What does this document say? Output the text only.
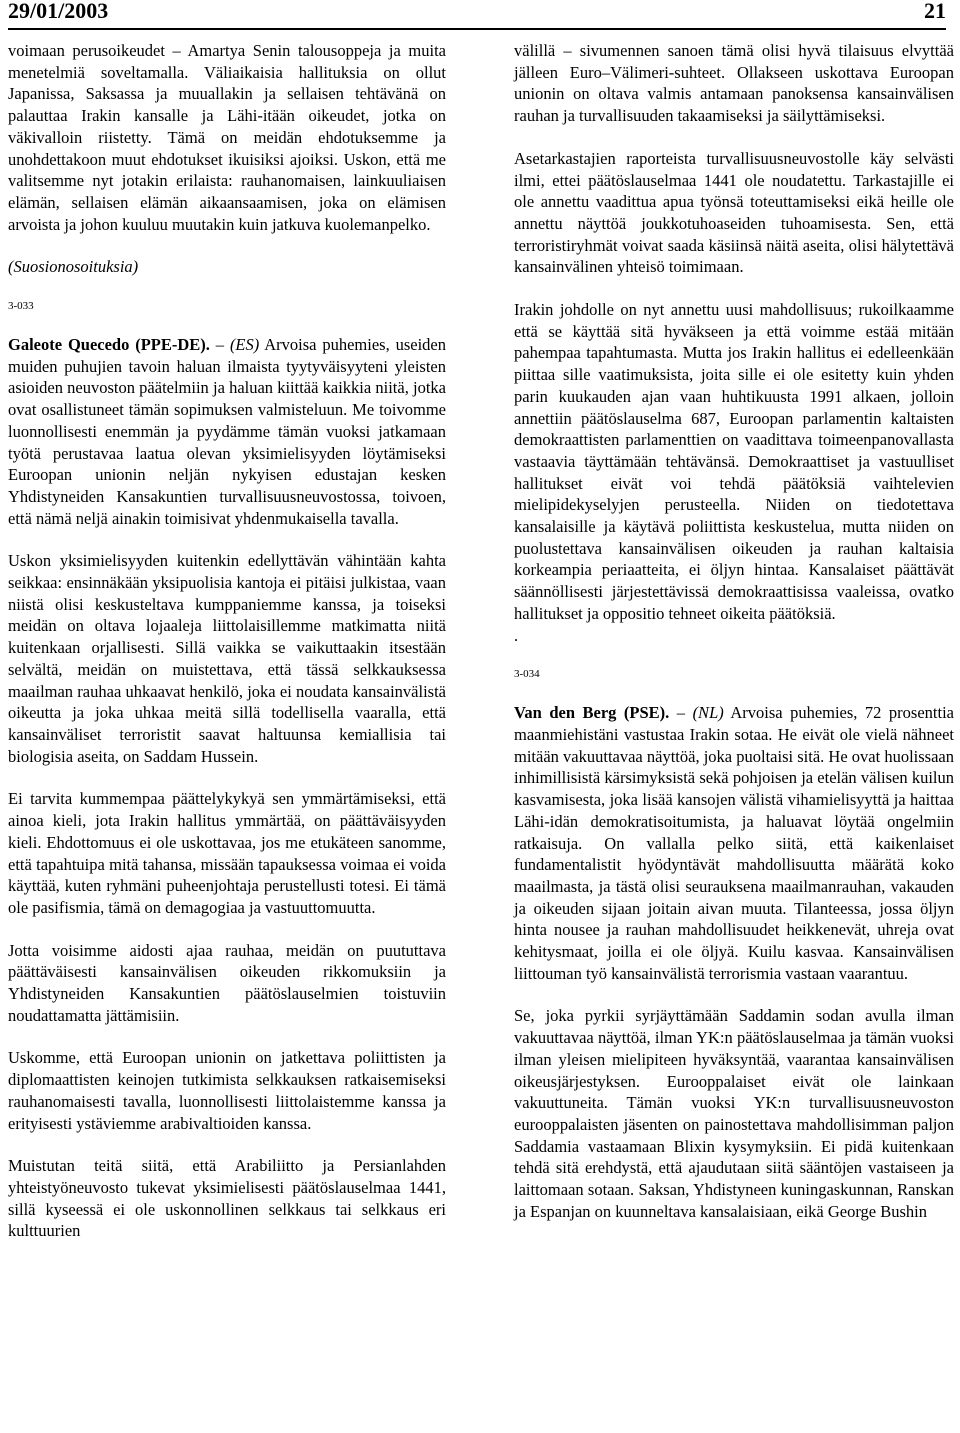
29/01/2003	21

voimaan perusoikeudet – Amartya Senin talousoppeja ja muita menetelmiä soveltamalla. Väliaikaisia hallituksia on ollut Japanissa, Saksassa ja muuallakin ja sellaisen tehtävänä on palauttaa Irakin kansalle ja Lähi-itään oikeudet, jotka on väkivalloin riistetty. Tämä on meidän ehdotuksemme ja unohdettakoon muut ehdotukset ikuisiksi ajoiksi. Uskon, että me valitsemme nyt jotakin erilaista: rauhanomaisen, lainkuuliaisen elämän, sellaisen elämän aikaansaamisen, joka on elämisen arvoista ja johon kuuluu muutakin kuin jatkuva kuolemanpelko.

(Suosionosoituksia)

3-033

Galeote Quecedo (PPE-DE). – (ES) Arvoisa puhemies, useiden muiden puhujien tavoin haluan ilmaista tyytyväisyyteni yleisten asioiden neuvoston päätelmiin ja haluan kiittää kaikkia niitä, jotka ovat osallistuneet tämän sopimuksen valmisteluun. Me toivomme luonnollisesti enemmän ja pyydämme tämän vuoksi jatkamaan työtä perustavaa laatua olevan yksimielisyyden löytämiseksi Euroopan unionin neljän nykyisen edustajan kesken Yhdistyneiden Kansakuntien turvallisuusneuvostossa, toivoen, että nämä neljä ainakin toimisivat yhdenmukaisella tavalla.

Uskon yksimielisyyden kuitenkin edellyttävän vähintään kahta seikkaa: ensinnäkään yksipuolisia kantoja ei pitäisi julkistaa, vaan niistä olisi keskusteltava kumppaniemme kanssa, ja toiseksi meidän on oltava lojaaleja liittolaisillemme matkimatta niitä kuitenkaan orjallisesti. Sillä vaikka se vaikuttaakin itsestään selvältä, meidän on muistettava, että tässä selkkauksessa maailman rauhaa uhkaavat henkilö, joka ei noudata kansainvälistä oikeutta ja joka uhkaa meitä sillä todellisella vaaralla, että kansainväliset terroristit saavat haltuunsa kemiallisia tai biologisia aseita, on Saddam Hussein.

Ei tarvita kummempaa päättelykykyä sen ymmärtämiseksi, että ainoa kieli, jota Irakin hallitus ymmärtää, on päättäväisyyden kieli. Ehdottomuus ei ole uskottavaa, jos me etukäteen sanomme, että tapahtuipa mitä tahansa, missään tapauksessa voimaa ei voida käyttää, kuten ryhmäni puheenjohtaja perustellusti totesi. Ei tämä ole pasifismia, tämä on demagogiaa ja vastuuttomuutta.

Jotta voisimme aidosti ajaa rauhaa, meidän on puututtava päättäväisesti kansainvälisen oikeuden rikkomuksiin ja Yhdistyneiden Kansakuntien päätöslauselmien toistuviin noudattamatta jättämisiin.

Uskomme, että Euroopan unionin on jatkettava poliittisten ja diplomaattisten keinojen tutkimista selkkauksen ratkaisemiseksi rauhanomaisesti tavalla, luonnollisesti liittolaistemme kanssa ja erityisesti ystäviemme arabivaltioiden kanssa.

Muistutan teitä siitä, että Arabiliitto ja Persianlahden yhteistyöneuvosto tukevat yksimielisesti päätöslauselmaa 1441, sillä kyseessä ei ole uskonnollinen selkkaus tai selkkaus eri kulttuurien

välillä – sivumennen sanoen tämä olisi hyvä tilaisuus elvyttää jälleen Euro–Välimeri-suhteet. Ollakseen uskottava Euroopan unionin on oltava valmis antamaan panoksensa kansainvälisen rauhan ja turvallisuuden takaamiseksi ja säilyttämiseksi.

Asetarkastajien raporteista turvallisuusneuvostolle käy selvästi ilmi, ettei päätöslauselmaa 1441 ole noudatettu. Tarkastajille ei ole annettu vaadittua apua työnsä toteuttamiseksi eikä heille ole annettu näyttöä joukkotuhoaseiden tuhoamisesta. Sen, että terroristiryhmät voivat saada käsiinsä näitä aseita, olisi hälytettävä kansainvälinen yhteisö toimimaan.

Irakin johdolle on nyt annettu uusi mahdollisuus; rukoilkaamme että se käyttää sitä hyväkseen ja että voimme estää mitään pahempaa tapahtumasta. Mutta jos Irakin hallitus ei edelleenkään piittaa sille vaatimuksista, joita sille ei ole esitetty kuin yhden parin kuukauden ajan vaan huhtikuusta 1991 alkaen, jolloin annettiin päätöslauselma 687, Euroopan parlamentin kaltaisten demokraattisten parlamenttien on vaadittava toimeenpanovallasta vastaavia täyttämään tehtävänsä. Demokraattiset ja vastuulliset hallitukset eivät voi tehdä päätöksiä vaihtelevien mielipidekyselyjen perusteella. Niiden on tiedotettava kansalaisille ja käytävä poliittista keskustelua, mutta niiden on puolustettava kansainvälisen oikeuden ja rauhan kaltaisia korkeampia periaatteita, ei öljyn hintaa. Kansalaiset päättävät säännöllisesti järjestettävissä demokraattisissa vaaleissa, ovatko hallitukset ja oppositio tehneet oikeita päätöksiä.

.

3-034

Van den Berg (PSE). – (NL) Arvoisa puhemies, 72 prosenttia maanmiehistäni vastustaa Irakin sotaa. He eivät ole vielä nähneet mitään vakuuttavaa näyttöä, joka puoltaisi sitä. He ovat huolissaan inhimillisistä kärsimyksistä sekä pohjoisen ja etelän välisen kuilun kasvamisesta, joka lisää kansojen välistä vihamielisyyttä ja haittaa Lähi-idän demokratisoitumista, ja haluavat löytää ongelmiin ratkaisuja. On vallalla pelko siitä, että kaikenlaiset fundamentalistit hyödyntävät mahdollisuutta määrätä koko maailmasta, ja tästä olisi seurauksena maailmanrauhan, vakauden ja oikeuden sijaan joitain aivan muuta. Tilanteessa, jossa öljyn hinta nousee ja rauhan mahdollisuudet heikkenevät, uhreja ovat kehitysmaat, joilla ei ole öljyä. Kuilu kasvaa. Kansainvälisen liittouman työ kansainvälistä terrorismia vastaan vaarantuu.

Se, joka pyrkii syrjäyttämään Saddamin sodan avulla ilman vakuuttavaa näyttöä, ilman YK:n päätöslauselmaa ja tämän vuoksi ilman yleisen mielipiteen hyväksyntää, vaarantaa kansainvälisen oikeusjärjestyksen. Eurooppalaiset eivät ole lainkaan vakuuttuneita. Tämän vuoksi YK:n turvallisuusneuvoston eurooppalaisten jäsenten on painostettava mahdollisimman paljon Saddamia vastaamaan Blixin kysymyksiin. Ei pidä kuitenkaan tehdä sitä erehdystä, että ajaudutaan siitä sääntöjen vastaiseen ja laittomaan sotaan. Saksan, Yhdistyneen kuningaskunnan, Ranskan ja Espanjan on kuunneltava kansalaisiaan, eikä George Bushin
